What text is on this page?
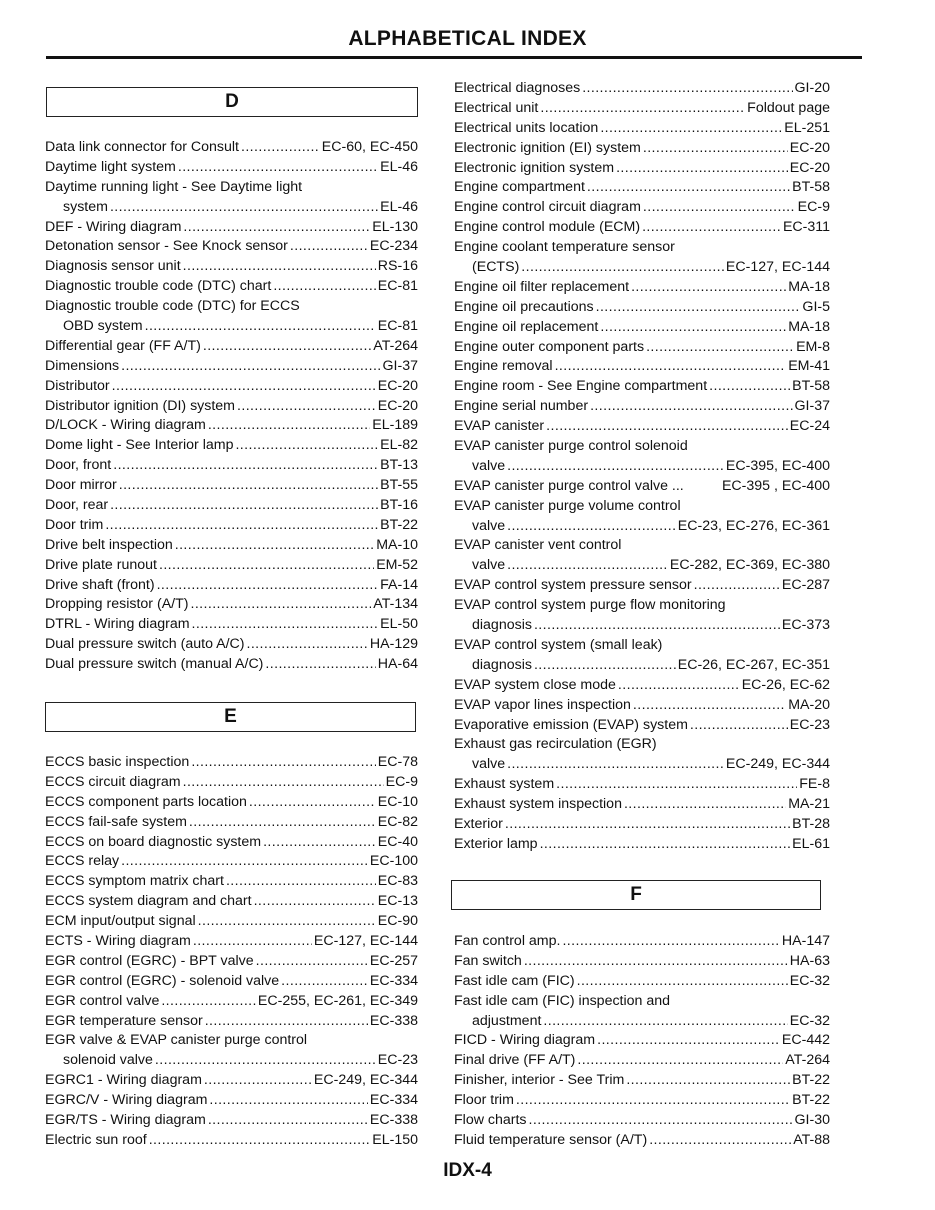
ALPHABETICAL INDEX
D
Data link connector for Consult .....	EC-60, EC-450
Daytime light system .....	EL-46
Daytime running light - See Daytime light
system .....	EL-46
DEF - Wiring diagram .....	EL-130
Detonation sensor - See Knock sensor .....	EC-234
Diagnosis sensor unit .....	RS-16
Diagnostic trouble code (DTC) chart .....	EC-81
Diagnostic trouble code (DTC) for ECCS
OBD system .....	EC-81
Differential gear (FF A/T) .....	AT-264
Dimensions .....	GI-37
Distributor .....	EC-20
Distributor ignition (DI) system .....	EC-20
D/LOCK - Wiring diagram .....	EL-189
Dome light - See Interior lamp .....	EL-82
Door, front .....	BT-13
Door mirror .....	BT-55
Door, rear .....	BT-16
Door trim .....	BT-22
Drive belt inspection .....	MA-10
Drive plate runout .....	EM-52
Drive shaft (front) .....	FA-14
Dropping resistor (A/T) .....	AT-134
DTRL - Wiring diagram .....	EL-50
Dual pressure switch (auto A/C) .....	HA-129
Dual pressure switch (manual A/C) .....	HA-64
E
ECCS basic inspection .....	EC-78
ECCS circuit diagram .....	EC-9
ECCS component parts location .....	EC-10
ECCS fail-safe system .....	EC-82
ECCS on board diagnostic system .....	EC-40
ECCS relay .....	EC-100
ECCS symptom matrix chart .....	EC-83
ECCS system diagram and chart .....	EC-13
ECM input/output signal .....	EC-90
ECTS - Wiring diagram .....	EC-127, EC-144
EGR control (EGRC) - BPT valve .....	EC-257
EGR control (EGRC) - solenoid valve .....	EC-334
EGR control valve .....	EC-255, EC-261, EC-349
EGR temperature sensor .....	EC-338
EGR valve & EVAP canister purge control
solenoid valve .....	EC-23
EGRC1 - Wiring diagram .....	EC-249, EC-344
EGRC/V - Wiring diagram .....	EC-334
EGR/TS - Wiring diagram .....	EC-338
Electric sun roof .....	EL-150
Electrical diagnoses .....	GI-20
Electrical unit .....	Foldout page
Electrical units location .....	EL-251
Electronic ignition (EI) system .....	EC-20
Electronic ignition system .....	EC-20
Engine compartment .....	BT-58
Engine control circuit diagram .....	EC-9
Engine control module (ECM) .....	EC-311
Engine coolant temperature sensor
(ECTS) .....	EC-127, EC-144
Engine oil filter replacement .....	MA-18
Engine oil precautions .....	GI-5
Engine oil replacement .....	MA-18
Engine outer component parts .....	EM-8
Engine removal .....	EM-41
Engine room - See Engine compartment .....	BT-58
Engine serial number .....	GI-37
EVAP canister .....	EC-24
EVAP canister purge control solenoid
valve .....	EC-395, EC-400
EVAP canister purge control valve ...	EC-395 , EC-400
EVAP canister purge volume control
valve .....	EC-23, EC-276, EC-361
EVAP canister vent control
valve .....	EC-282, EC-369, EC-380
EVAP control system pressure sensor .....	EC-287
EVAP control system purge flow monitoring
diagnosis .....	EC-373
EVAP control system (small leak)
diagnosis .....	EC-26, EC-267, EC-351
EVAP system close mode .....	EC-26, EC-62
EVAP vapor lines inspection .....	MA-20
Evaporative emission (EVAP) system .....	EC-23
Exhaust gas recirculation (EGR)
valve .....	EC-249, EC-344
Exhaust system .....	FE-8
Exhaust system inspection .....	MA-21
Exterior .....	BT-28
Exterior lamp .....	EL-61
F
Fan control amp. .....	HA-147
Fan switch .....	HA-63
Fast idle cam (FIC) .....	EC-32
Fast idle cam (FIC) inspection and
adjustment .....	EC-32
FICD - Wiring diagram .....	EC-442
Final drive (FF A/T) .....	AT-264
Finisher, interior - See Trim .....	BT-22
Floor trim .....	BT-22
Flow charts .....	GI-30
Fluid temperature sensor (A/T) .....	AT-88
IDX-4
